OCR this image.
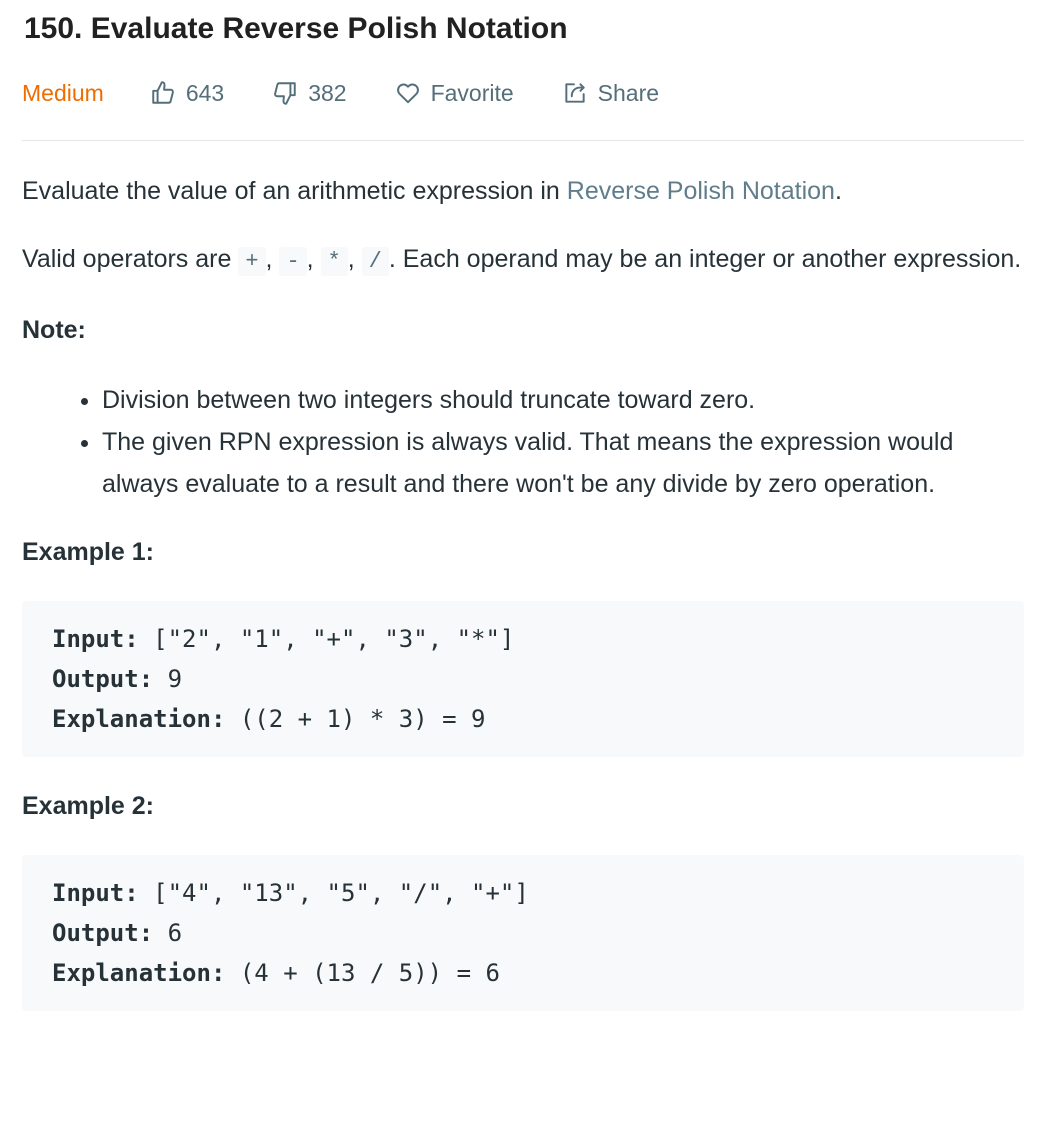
150. Evaluate Reverse Polish Notation
Medium	643	382	Favorite	Share

Evaluate the value of an arithmetic expression in Reverse Polish Notation.

Valid operators are + , - , * , / . Each operand may be an integer or another expression.

Note:

• Division between two integers should truncate toward zero.
• The given RPN expression is always valid. That means the expression would always evaluate to a result and there won't be any divide by zero operation.

Example 1:

Input: ["2", "1", "+", "3", "*"]
Output: 9
Explanation: ((2 + 1) * 3) = 9

Example 2:

Input: ["4", "13", "5", "/", "+"]
Output: 6
Explanation: (4 + (13 / 5)) = 6
